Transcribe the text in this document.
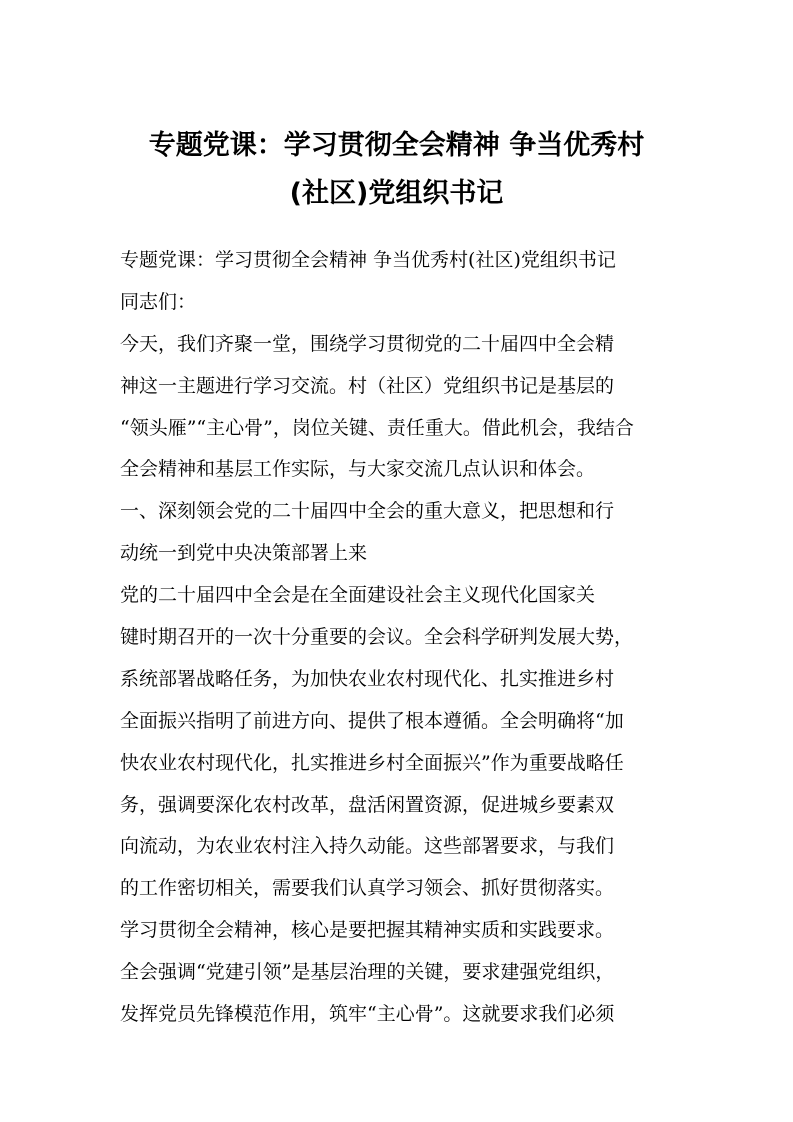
专题党课：学习贯彻全会精神 争当优秀村
(社区)党组织书记
专题党课：学习贯彻全会精神 争当优秀村(社区)党组织书记
同志们：
今天，我们齐聚一堂，围绕学习贯彻党的二十届四中全会精
神这一主题进行学习交流。村（社区）党组织书记是基层的
“领头雁”“主心骨”，岗位关键、责任重大。借此机会，我结合
全会精神和基层工作实际，与大家交流几点认识和体会。
一、深刻领会党的二十届四中全会的重大意义，把思想和行
动统一到党中央决策部署上来
党的二十届四中全会是在全面建设社会主义现代化国家关
键时期召开的一次十分重要的会议。全会科学研判发展大势，
系统部署战略任务，为加快农业农村现代化、扎实推进乡村
全面振兴指明了前进方向、提供了根本遵循。全会明确将“加
快农业农村现代化，扎实推进乡村全面振兴”作为重要战略任
务，强调要深化农村改革，盘活闲置资源，促进城乡要素双
向流动，为农业农村注入持久动能。这些部署要求，与我们
的工作密切相关，需要我们认真学习领会、抓好贯彻落实。
学习贯彻全会精神，核心是要把握其精神实质和实践要求。
全会强调“党建引领”是基层治理的关键，要求建强党组织，
发挥党员先锋模范作用，筑牢“主心骨”。这就要求我们必须
